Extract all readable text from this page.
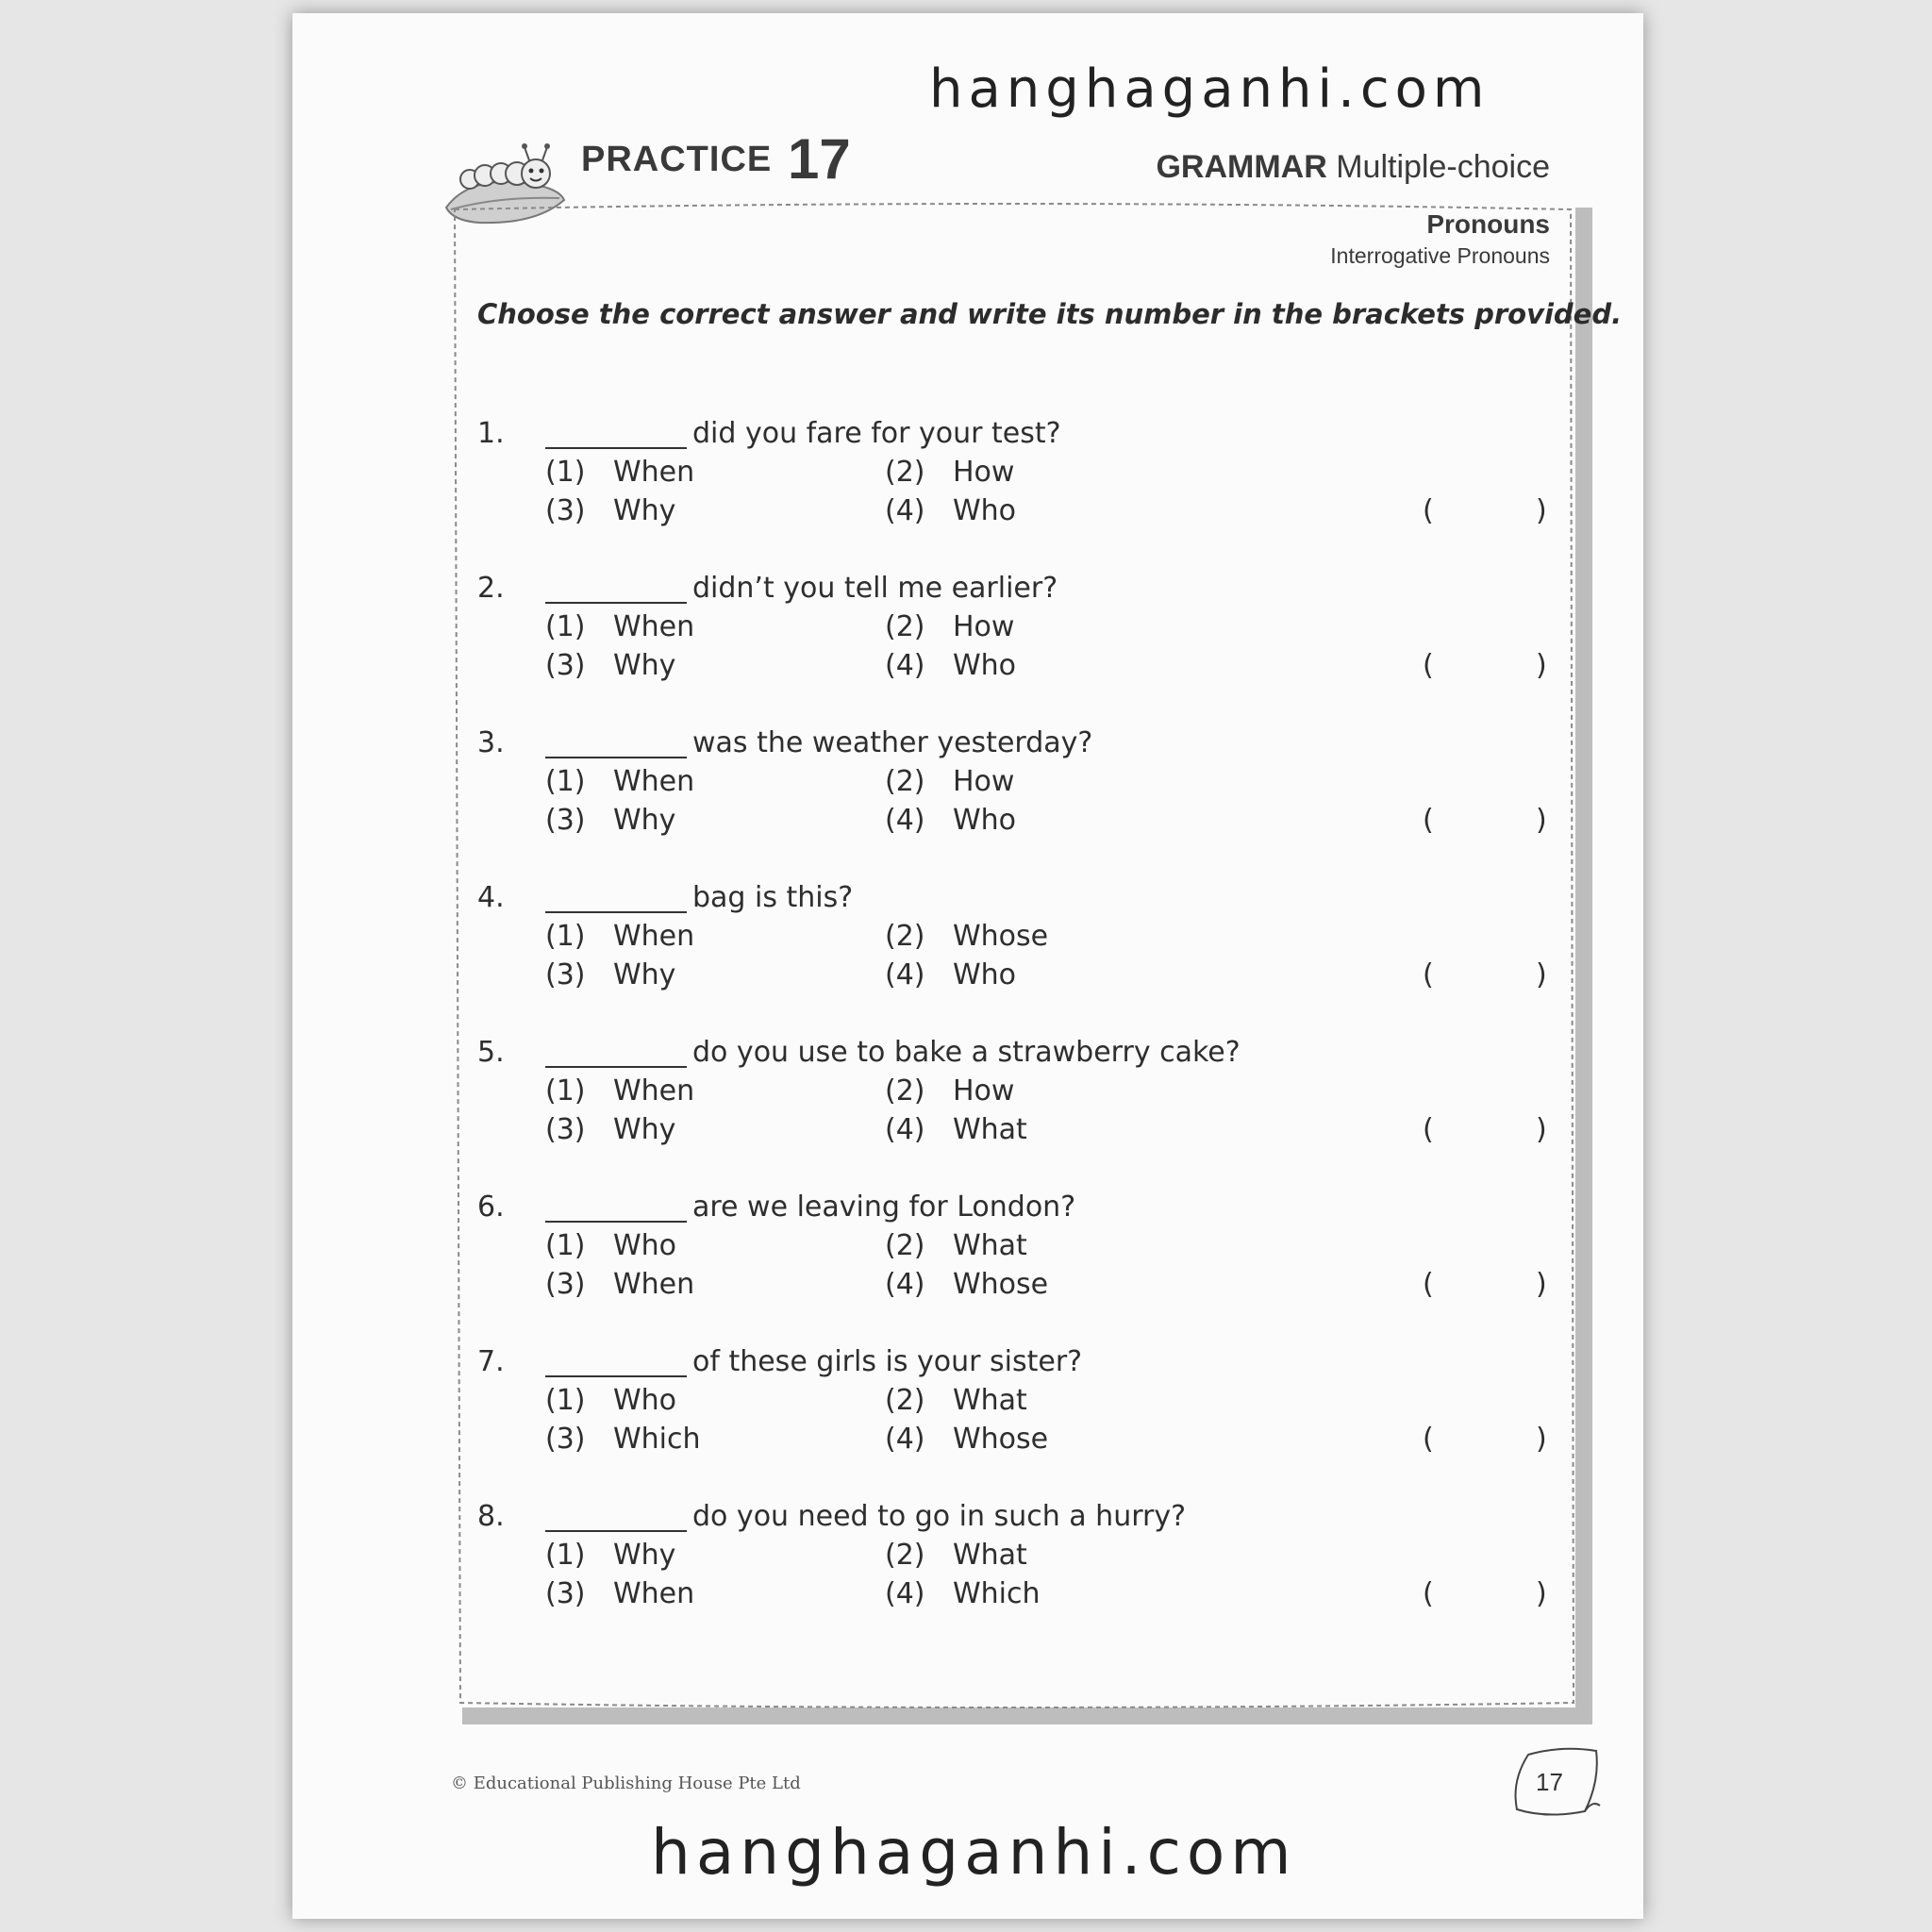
hanghaganhi.com
PRACTICE 17	GRAMMAR Multiple-choice
Pronouns
Interrogative Pronouns
Choose the correct answer and write its number in the brackets provided.
1.	did you fare for your test?
(1) When	(2) How
(3) Why	(4) Who	(	)
2.	didn’t you tell me earlier?
(1) When	(2) How
(3) Why	(4) Who	(	)
3.	was the weather yesterday?
(1) When	(2) How
(3) Why	(4) Who	(	)
4.	bag is this?
(1) When	(2) Whose
(3) Why	(4) Who	(	)
5.	do you use to bake a strawberry cake?
(1) When	(2) How
(3) Why	(4) What	(	)
6.	are we leaving for London?
(1) Who	(2) What
(3) When	(4) Whose	(	)
7.	of these girls is your sister?
(1) Who	(2) What
(3) Which	(4) Whose	(	)
8.	do you need to go in such a hurry?
(1) Why	(2) What
(3) When	(4) Which	(	)
© Educational Publishing House Pte Ltd	17
hanghaganhi.com
